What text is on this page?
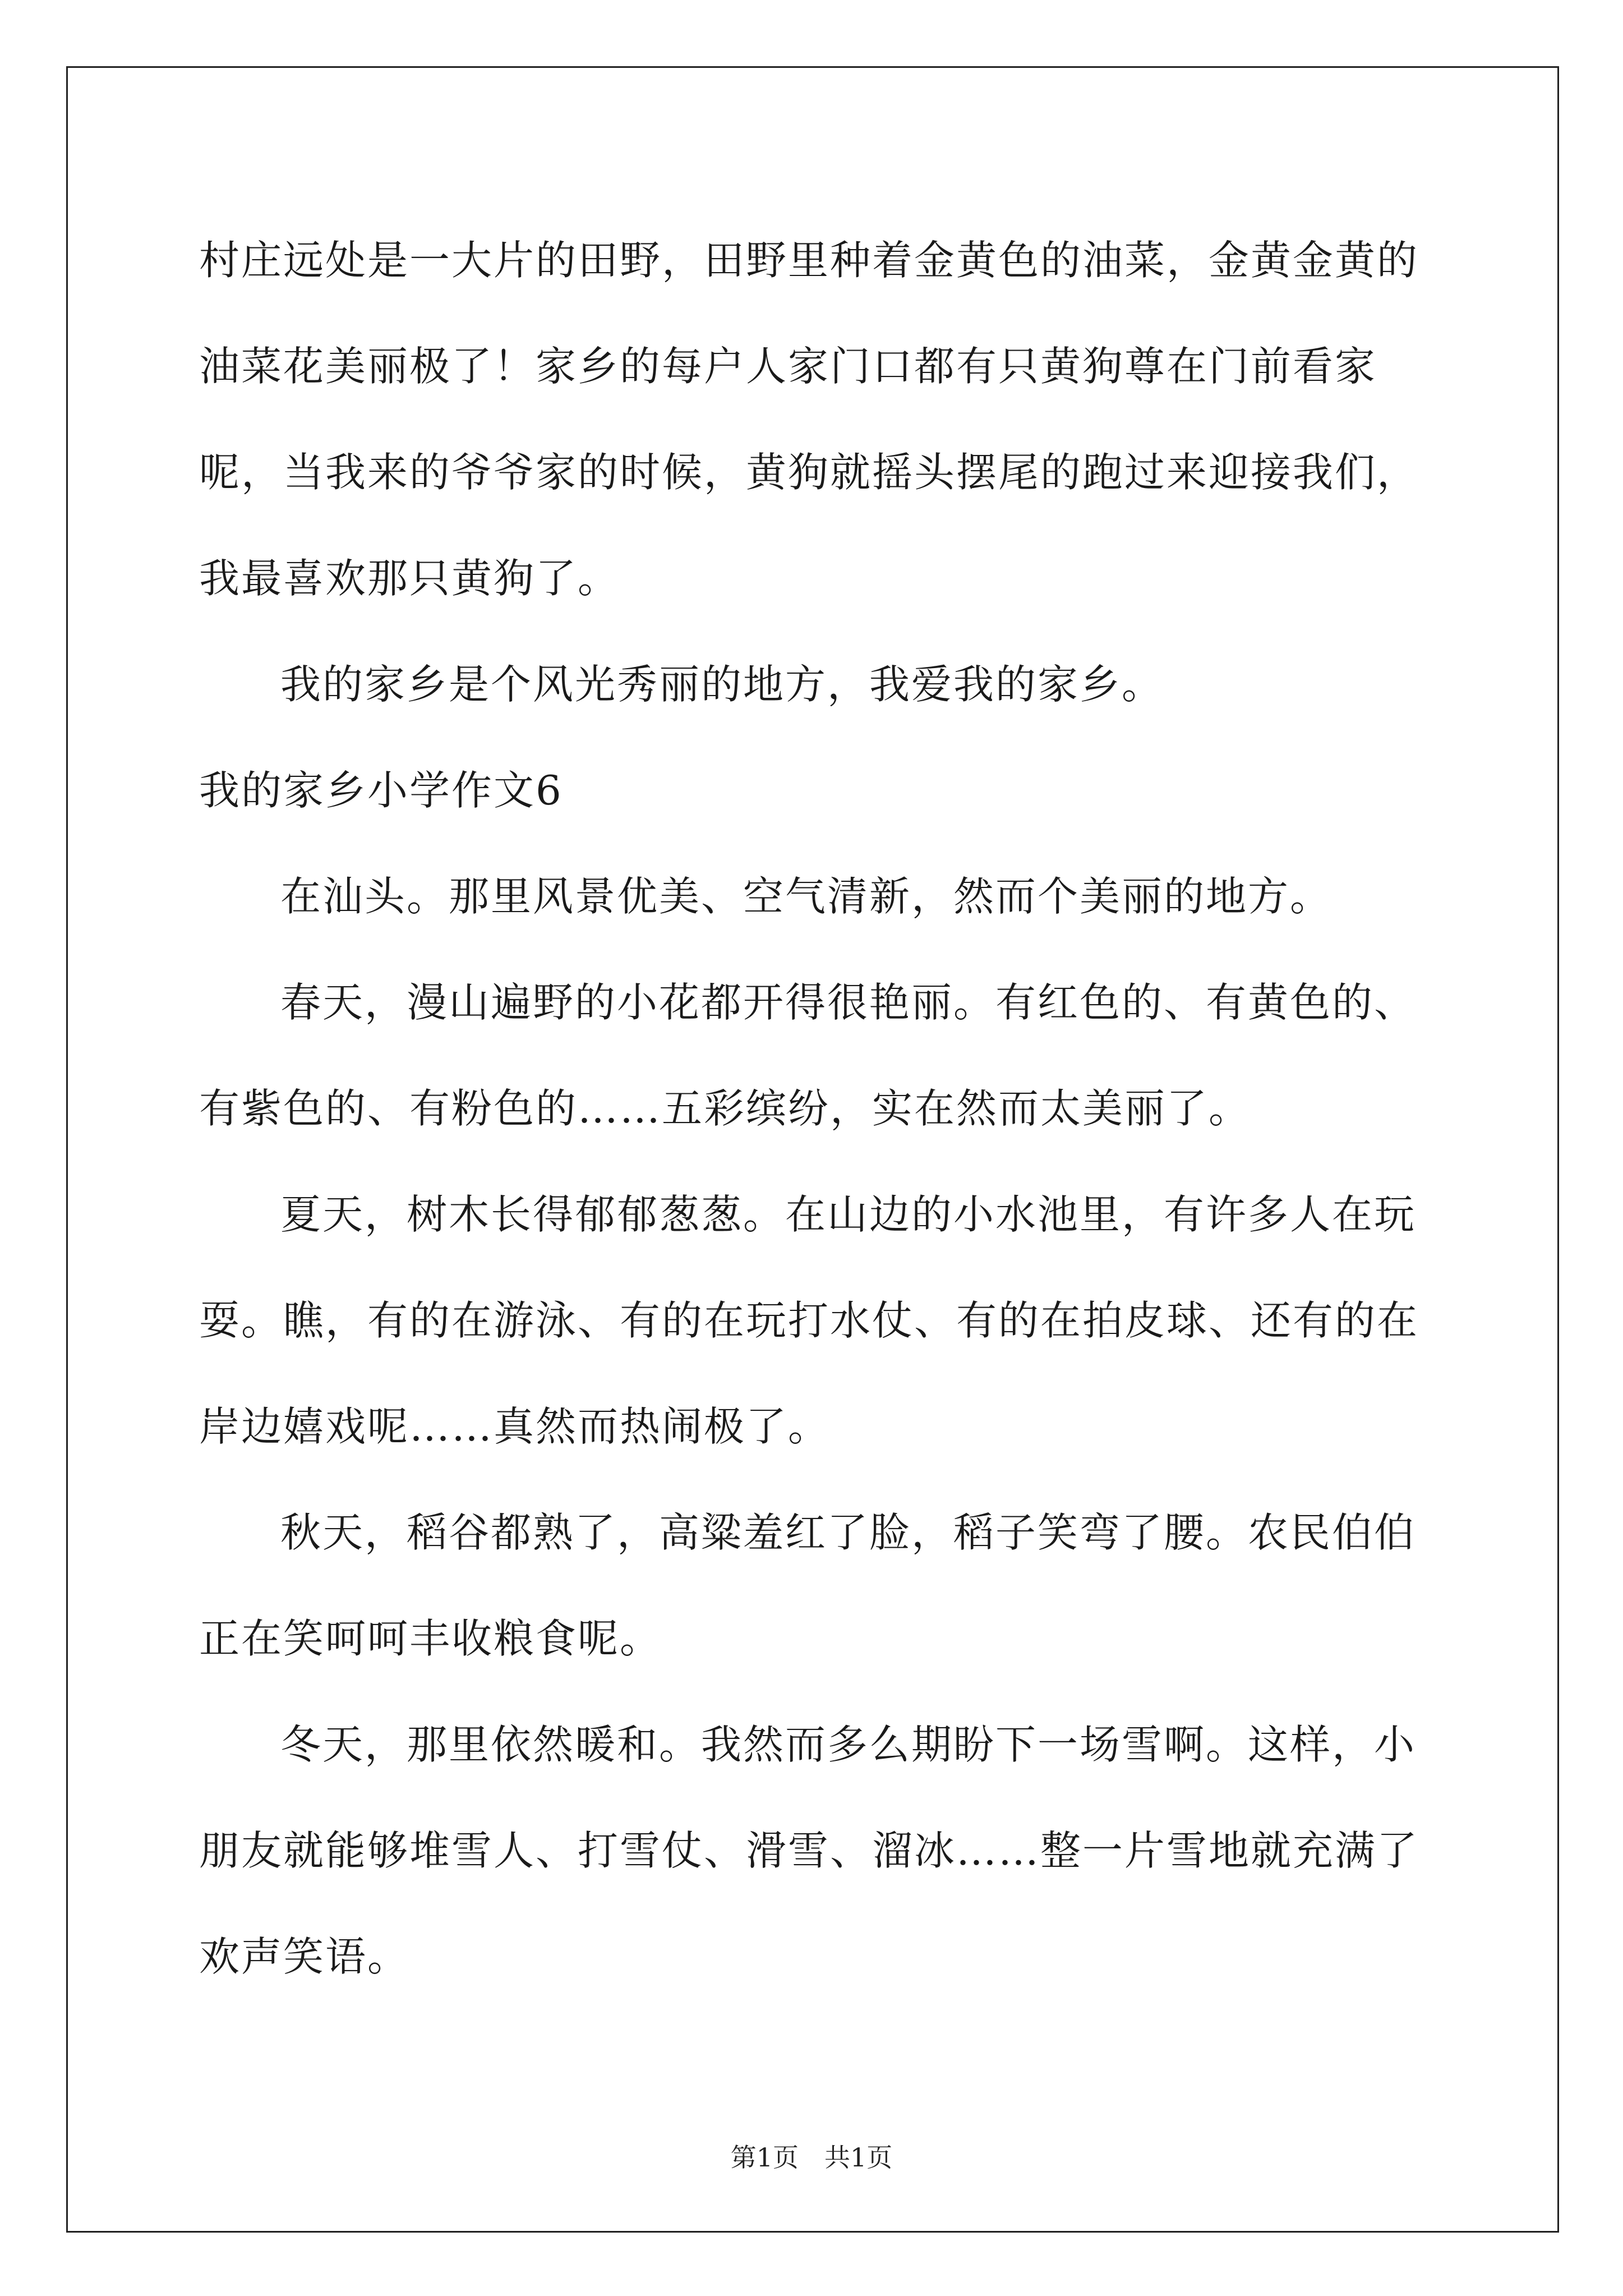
村庄远处是一大片的田野，田野里种着金黄色的油菜，金黄金黄的油菜花美丽极了！家乡的每户人家门口都有只黄狗尊在门前看家呢，当我来的爷爷家的时候，黄狗就摇头摆尾的跑过来迎接我们，我最喜欢那只黄狗了。

我的家乡是个风光秀丽的地方，我爱我的家乡。

我的家乡小学作文6

在汕头。那里风景优美、空气清新，然而个美丽的地方。

春天，漫山遍野的小花都开得很艳丽。有红色的、有黄色的、有紫色的、有粉色的……五彩缤纷，实在然而太美丽了。

夏天，树木长得郁郁葱葱。在山边的小水池里，有许多人在玩耍。瞧，有的在游泳、有的在玩打水仗、有的在拍皮球、还有的在岸边嬉戏呢……真然而热闹极了。

秋天，稻谷都熟了，高粱羞红了脸，稻子笑弯了腰。农民伯伯正在笑呵呵丰收粮食呢。

冬天，那里依然暖和。我然而多么期盼下一场雪啊。这样，小朋友就能够堆雪人、打雪仗、滑雪、溜冰……整一片雪地就充满了欢声笑语。

第1页　共1页
